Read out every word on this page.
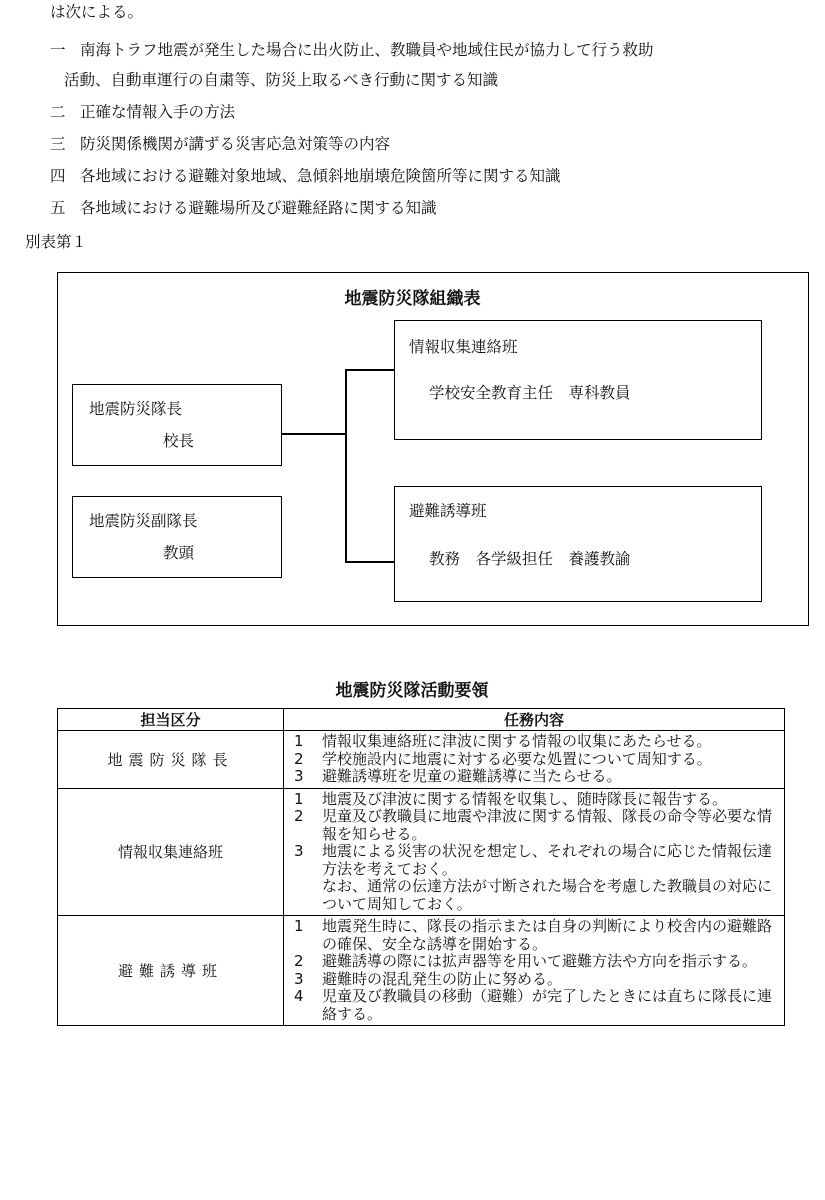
は次による。
一 南海トラフ地震が発生した場合に出火防止、教職員や地域住民が協力して行う救助
活動、自動車運行の自粛等、防災上取るべき行動に関する知識
二 正確な情報入手の方法
三 防災関係機関が講ずる災害応急対策等の内容
四 各地域における避難対象地域、急傾斜地崩壊危険箇所等に関する知識
五 各地域における避難場所及び避難経路に関する知識
別表第１
地震防災隊組織表
地震防災隊長
校長
地震防災副隊長
教頭
情報収集連絡班
学校安全教育主任　専科教員
避難誘導班
教務　各学級担任　養護教諭
地震防災隊活動要領
担当区分	任務内容
地震防災隊長	1 情報収集連絡班に津波に関する情報の収集にあたらせる。
2 学校施設内に地震に対する必要な処置について周知する。
3 避難誘導班を児童の避難誘導に当たらせる。

情報収集連絡班	1 地震及び津波に関する情報を収集し、随時隊長に報告する。
2 児童及び教職員に地震や津波に関する情報、隊長の命令等必要な情報を知らせる。
3 地震による災害の状況を想定し、それぞれの場合に応じた情報伝達方法を考えておく。
なお、通常の伝達方法が寸断された場合を考慮した教職員の対応について周知しておく。

避難誘導班	1 地震発生時に、隊長の指示または自身の判断により校舎内の避難路の確保、安全な誘導を開始する。
2 避難誘導の際には拡声器等を用いて避難方法や方向を指示する。
3 避難時の混乱発生の防止に努める。
4 児童及び教職員の移動（避難）が完了したときには直ちに隊長に連絡する。
